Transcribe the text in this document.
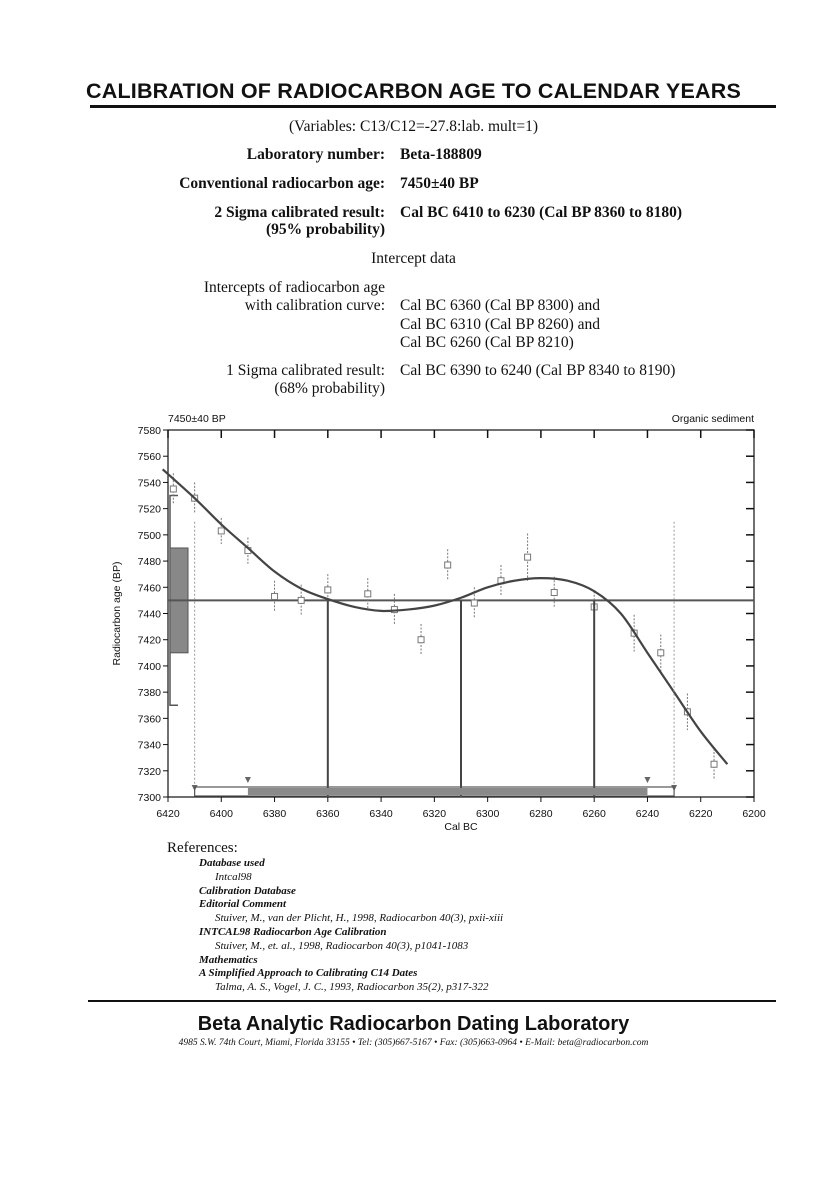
CALIBRATION OF RADIOCARBON AGE TO CALENDAR YEARS
(Variables: C13/C12=-27.8:lab. mult=1)
Laboratory number: Beta-188809
Conventional radiocarbon age: 7450±40 BP
2 Sigma calibrated result:
(95% probability)
Cal BC 6410 to 6230 (Cal BP 8360 to 8180)
Intercept data
Intercepts of radiocarbon age
with calibration curve: Cal BC 6360 (Cal BP 8300) and
Cal BC 6310 (Cal BP 8260) and
Cal BC 6260 (Cal BP 8210)
1 Sigma calibrated result:
(68% probability)
Cal BC 6390 to 6240 (Cal BP 8340 to 8190)
7450±40 BP	Organic sediment
6420	6400	6380	6360	6340	6320	6300	6280	6260	6240	6220	6200
Cal BC
7300
7320
7340
7360
7380
7400
7420
7440
7460
7480
7500
7520
7540
7560
7580
Radiocarbon age (BP)
References:
Database used
Intcal98
Calibration Database
Editorial Comment
Stuiver, M., van der Plicht, H., 1998, Radiocarbon 40(3), pxii-xiii
INTCAL98 Radiocarbon Age Calibration
Stuiver, M., et. al., 1998, Radiocarbon 40(3), p1041-1083
Mathematics
A Simplified Approach to Calibrating C14 Dates
Talma, A. S., Vogel, J. C., 1993, Radiocarbon 35(2), p317-322
Beta Analytic Radiocarbon Dating Laboratory
4985 S.W. 74th Court, Miami, Florida 33155 • Tel: (305)667-5167 • Fax: (305)663-0964 • E-Mail: beta@radiocarbon.com
